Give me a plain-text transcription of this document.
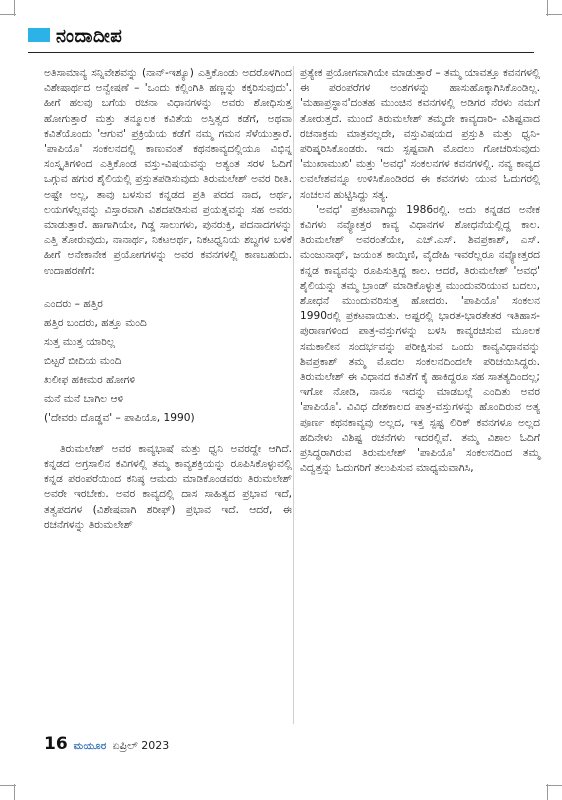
ನಂದಾದೀಪ

ಅತಿಸಾಮಾನ್ಯ ಸನ್ನಿವೇಶವನ್ನು (ನಾನ್-ಇಶ್ಯೂ) ಎತ್ತಿಕೊಂಡು ಅದರೊಳಗಿಂದ ವಿಶೇಷಾರ್ಥದ ಅನ್ವೇಷಣೆ – 'ಒಂದು ಕಲ್ಲಿಂಗಿತಿ ಹಣ್ಣನ್ನು ಕಕ್ಕರಿಸುವುದು'. ಹೀಗೆ ಹಲವು ಬಗೆಯ ರಚನಾ ವಿಧಾನಗಳನ್ನು ಅವರು ಶೋಧಿಸುತ್ತ ಹೋಗುತ್ತಾರೆ ಮತ್ತು ತನ್ಮೂಲಕ ಕವಿತೆಯ ಅಸ್ತಿತ್ವದ ಕಡೆಗೆ, ಅಥವಾ ಕವಿತೆಯೊಂದು 'ಆಗುವ' ಪ್ರಕ್ರಿಯೆಯ ಕಡೆಗೆ ನಮ್ಮ ಗಮನ ಸೆಳೆಯುತ್ತಾರೆ. 'ಪಾಪಿಯೊ' ಸಂಕಲನದಲ್ಲಿ ಕಾಣುವಂತೆ ಕಥನಕಾವ್ಯದಲ್ಲಿಯೂ ವಿಭಿನ್ನ ಸಂಸ್ಕೃತಿಗಳಿಂದ ಎತ್ತಿಕೊಂಡ ವಸ್ತು-ವಿಷಯವನ್ನು ಅತ್ಯಂತ ಸರಳ ಓದಿಗೆ ಒಗ್ಗುವ ಹಗುರ ಶೈಲಿಯಲ್ಲಿ ಪ್ರಸ್ತುತಪಡಿಸುವುದು ತಿರುಮಲೇಶ್ ಅವರ ರೀತಿ. ಅಷ್ಟೇ ಅಲ್ಲ, ತಾವು ಬಳಸುವ ಕನ್ನಡದ ಪ್ರತಿ ಪದದ ನಾದ, ಅರ್ಥ, ಲಯಗಳೆಲ್ಲವನ್ನು ವಿಸ್ತಾರವಾಗಿ ವಿಶದಪಡಿಸುವ ಪ್ರಯತ್ನವನ್ನು ಸಹ ಅವರು ಮಾಡುತ್ತಾರೆ. ಹಾಗಾಗಿಯೇ, ಗಿಡ್ಡ ಸಾಲುಗಳು, ಪುನರುಕ್ತಿ, ಪದನಾದಗಳನ್ನು ಎತ್ತಿ ತೋರುವುದು, ನಾನಾರ್ಥ, ನಿಕಟಅರ್ಥ, ನಿಕಟಧ್ವನಿಯ ಶಬ್ದಗಳ ಬಳಕೆ ಹೀಗೆ ಅನೇಕಾನೇಕ ಪ್ರಯೋಗಗಳನ್ನು ಅವರ ಕವನಗಳಲ್ಲಿ ಕಾಣಬಹುದು. ಉದಾಹರಣೆಗೆ:

ಎಂದರು – ಹತ್ತಿರ
ಹತ್ತಿರ ಬಂದರು, ಹತ್ತೂ ಮಂದಿ
ಸುತ್ತ ಮುತ್ತ ಯಾರಿಲ್ಲ
ಬಿಟ್ಟರೆ ಬೀದಿಯ ಮಂದಿ
ಖಲೀಫ ಹಕೀಮರ ಹೋಗಳಿ
ಮನೆ ಮನೆ ಬಾಗಿಲ ಆಳಿ
('ದೇವರು ದೊಡ್ಡವ' – ಪಾಪಿಯೊ, 1990)

ತಿರುಮಲೇಶ್ ಅವರ ಕಾವ್ಯಭಾಷೆ ಮತ್ತು ಧ್ವನಿ ಅವರದ್ದೇ ಆಗಿದೆ. ಕನ್ನಡದ ಅಗ್ರಸಾಲಿನ ಕವಿಗಳಲ್ಲಿ ತಮ್ಮ ಕಾವ್ಯಶಕ್ತಿಯನ್ನು ರೂಪಿಸಿಕೊಳ್ಳುವಲ್ಲಿ ಕನ್ನಡ ಪರಂಪರೆಯಿಂದ ಕನಿಷ್ಠ ಆಮದು ಮಾಡಿಕೊಂಡವರು ತಿರುಮಲೇಶ್ ಅವರೇ ಇರಬೇಕು. ಅವರ ಕಾವ್ಯದಲ್ಲಿ ದಾಸ ಸಾಹಿತ್ಯದ ಪ್ರಭಾವ ಇದೆ, ತತ್ವಪದಗಳ (ವಿಶೇಷವಾಗಿ ಶರೀಫ್) ಪ್ರಭಾವ ಇದೆ. ಆದರೆ, ಈ ರಚನೆಗಳನ್ನು ತಿರುಮಲೇಶ್

ಪ್ರತ್ಯೇಕ ಪ್ರಯೋಗವಾಗಿಯೇ ಮಾಡುತ್ತಾರೆ – ತಮ್ಮ ಯಾವತ್ತೂ ಕವನಗಳಲ್ಲಿ ಈ ಪರಂಪರೆಗಳ ಅಂಶಗಳನ್ನು ಹಾಸುಹೊಕ್ಕಾಗಿಸಿಕೊಂಡಿಲ್ಲ. 'ಮಹಾಪ್ರಸ್ಥಾನ'ದಂತಹ ಮುಂಚಿನ ಕವನಗಳಲ್ಲಿ ಅಡಿಗರ ನೆರಳು ನಮಗೆ ತೋರುತ್ತದೆ. ಮುಂದೆ ತಿರುಮಲೇಶ್ ತಮ್ಮದೇ ಕಾವ್ಯದಾರಿ- ವಿಶಿಷ್ಟವಾದ ರಚನಾಕ್ರಮ ಮಾತ್ರವಲ್ಲದೇ, ವಸ್ತುವಿಷಯದ ಪ್ರಸ್ತುತಿ ಮತ್ತು ಧ್ವನಿ- ಪರಿಷ್ಕರಿಸಿಕೊಂಡರು. ಇದು ಸ್ಪಷ್ಟವಾಗಿ ಮೊದಲು ಗೋಚರಿಸುವುದು 'ಮುಖಾಮುಖಿ' ಮತ್ತು 'ಅವಧ' ಸಂಕಲನಗಳ ಕವನಗಳಲ್ಲಿ. ನವ್ಯ ಕಾವ್ಯದ ಲವಲೇಶವನ್ನೂ ಉಳಿಸಿಕೊಂಡಿರದ ಈ ಕವನಗಳು ಯುವ ಓದುಗರಲ್ಲಿ ಸಂಚಲನ ಹುಟ್ಟಿಸಿದ್ದು ಸತ್ಯ.

'ಅವಧ' ಪ್ರಕಟವಾಗಿದ್ದು 1986ರಲ್ಲಿ. ಅದು ಕನ್ನಡದ ಅನೇಕ ಕವಿಗಳು ನವ್ಯೋತ್ತರ ಕಾವ್ಯ ವಿಧಾನಗಳ ಶೋಧನೆಯಲ್ಲಿದ್ದ ಕಾಲ. ತಿರುಮಲೇಶ್ ಅವರಂತೆಯೇ, ಎಚ್.ಎಸ್. ಶಿವಪ್ರಕಾಶ್, ಎಸ್. ಮಂಜುನಾಥ್, ಜಯಂತ ಕಾಯ್ಕಿಣಿ, ವೈದೇಹಿ ಇವರೆಲ್ಲರೂ ನವ್ಯೋತ್ತರದ ಕನ್ನಡ ಕಾವ್ಯವನ್ನು ರೂಪಿಸುತ್ತಿದ್ದ ಕಾಲ. ಆದರೆ, ತಿರುಮಲೇಶ್ 'ಅವಧ' ಶೈಲಿಯನ್ನು ತಮ್ಮ ಬ್ರಾಂಡ್ ಮಾಡಿಕೊಳ್ಳುತ್ತ ಮುಂದುವರಿಯುವ ಬದಲು, ಶೋಧನೆ ಮುಂದುವರಿಸುತ್ತ ಹೋದರು. 'ಪಾಪಿಯೊ' ಸಂಕಲನ 1990ರಲ್ಲಿ ಪ್ರಕಟವಾಯಿತು. ಅಷ್ಟರಲ್ಲಿ ಭಾರತ-ಭಾರತೇತರ ಇತಿಹಾಸ-ಪುರಾಣಗಳಿಂದ ಪಾತ್ರ-ವಸ್ತುಗಳನ್ನು ಬಳಸಿ ಕಾವ್ಯರಚಿಸುವ ಮೂಲಕ ಸಮಕಾಲೀನ ಸಂದರ್ಭವನ್ನು ಪರೀಕ್ಷಿಸುವ ಒಂದು ಕಾವ್ಯವಿಧಾನವನ್ನು ಶಿವಪ್ರಕಾಶ್ ತಮ್ಮ ಮೊದಲ ಸಂಕಲನದಿಂದಲೇ ಪರಿಚಯಿಸಿದ್ದರು. ತಿರುಮಲೇಶ್ ಈ ವಿಧಾನದ ಕವಿತೆಗೆ ಕೈ ಹಾಕಿದ್ದರೂ ಸಹ ಸಾತತ್ಯದಿಂದಲ್ಲ; ಇಗೋ ನೋಡಿ, ನಾನೂ ಇದನ್ನು ಮಾಡಬಲ್ಲೆ ಎಂದಿತು ಅವರ 'ಪಾಪಿಯೊ'. ವಿವಿಧ ದೇಶಕಾಲದ ಪಾತ್ರ-ವಸ್ತುಗಳನ್ನು ಹೊಂದಿರುವ ಅತ್ಯ ಪೂರ್ಣ ಕಥನಕಾವ್ಯವು ಅಲ್ಲದ, ಇತ್ತ ಸ್ಪಷ್ಟ ಲಿರಿಕ್ ಕವನಗಳೂ ಅಲ್ಲದ ಹದಿನೇಳು ವಿಶಿಷ್ಟ ರಚನೆಗಳು ಇದರಲ್ಲಿವೆ. ತಮ್ಮ ವಿಶಾಲ ಓದಿಗೆ ಪ್ರಸಿದ್ಧರಾಗಿರುವ ತಿರುಮಲೇಶ್ 'ಪಾಪಿಯೊ' ಸಂಕಲನದಿಂದ ತಮ್ಮ ವಿದ್ವತ್ತನ್ನು ಓದುಗರಿಗೆ ತಲುಪಿಸುವ ಮಾಧ್ಯಮವಾಗಿಸಿ,

16 ಮಯೂರ ಏಪ್ರಿಲ್ 2023
